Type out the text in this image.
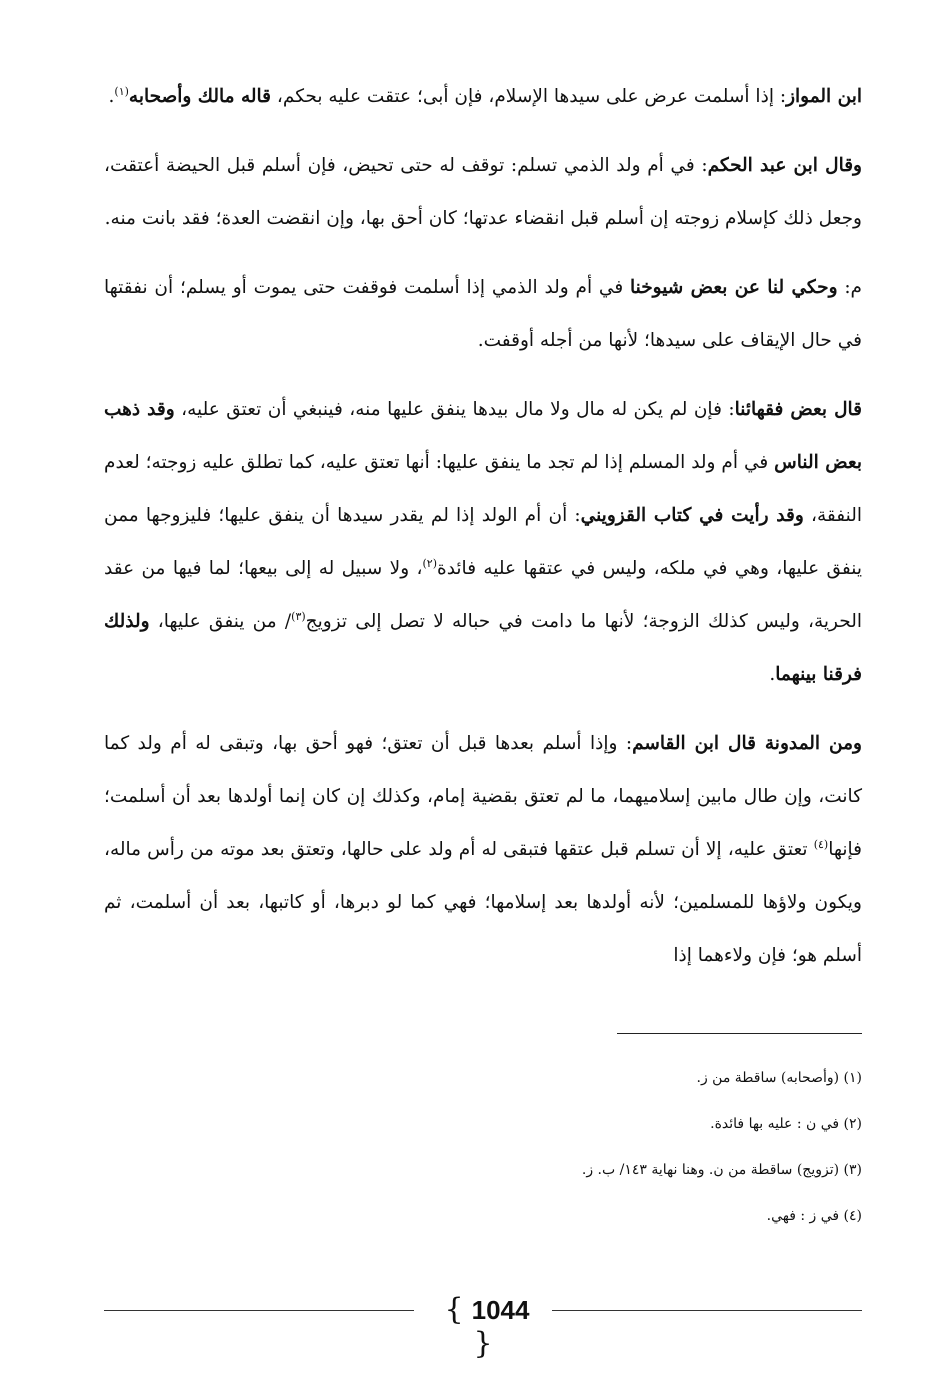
ابن المواز: إذا أسلمت عرض على سيدها الإسلام، فإن أبى؛ عتقت عليه بحكم، قاله مالك وأصحابه$^{(١)}$.

وقال ابن عبد الحكم: في أم ولد الذمي تسلم: توقف له حتى تحيض، فإن أسلم قبل الحيضة أعتقت، وجعل ذلك كإسلام زوجته إن أسلم قبل انقضاء عدتها؛ كان أحق بها، وإن انقضت العدة؛ فقد بانت منه.

م: وحكي لنا عن بعض شيوخنا في أم ولد الذمي إذا أسلمت فوقفت حتى يموت أو يسلم؛ أن نفقتها في حال الإيقاف على سيدها؛ لأنها من أجله أوقفت.

قال بعض فقهائنا: فإن لم يكن له مال ولا مال بيدها ينفق عليها منه، فينبغي أن تعتق عليه، وقد ذهب بعض الناس في أم ولد المسلم إذا لم تجد ما ينفق عليها: أنها تعتق عليه، كما تطلق عليه زوجته؛ لعدم النفقة، وقد رأيت في كتاب القزويني: أن أم الولد إذا لم يقدر سيدها أن ينفق عليها؛ فليزوجها ممن ينفق عليها، وهي في ملكه، وليس في عتقها عليه فائدة$^{(٢)}$، ولا سبيل له إلى بيعها؛ لما فيها من عقد الحرية، وليس كذلك الزوجة؛ لأنها ما دامت في حباله لا تصل إلى تزويج$^{(٣)}$/ من ينفق عليها، ولذلك فرقنا بينهما.

ومن المدونة قال ابن القاسم: وإذا أسلم بعدها قبل أن تعتق؛ فهو أحق بها، وتبقى له أم ولد كما كانت، وإن طال مابين إسلاميهما، ما لم تعتق بقضية إمام، وكذلك إن كان إنما أولدها بعد أن أسلمت؛ فإنها$^{(٤)}$ تعتق عليه، إلا أن تسلم قبل عتقها فتبقى له أم ولد على حالها، وتعتق بعد موته من رأس ماله، ويكون ولاؤها للمسلمين؛ لأنه أولدها بعد إسلامها؛ فهي كما لو دبرها، أو كاتبها، بعد أن أسلمت، ثم أسلم هو؛ فإن ولاءهما إذا

(١) (وأصحابه) ساقطة من ز.
(٢) في ن : عليه بها فائدة.
(٣) (تزويج) ساقطة من ن. وهنا نهاية ١٤٣/ ب. ز.
(٤) في ز : فهي.
{ 1044}
